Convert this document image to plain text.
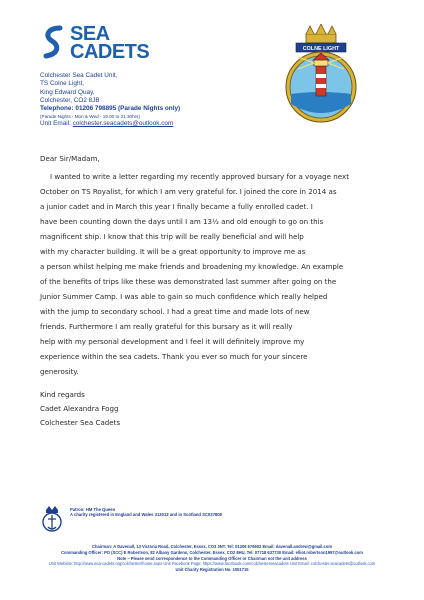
SEA
CADETS	COLNE LIGHT
Colchester Sea Cadet Unit,
TS Colne Light,
King Edward Quay,
Colchester, CO2 8JB
Telephone: 01206 798895 (Parade Nights only)
(Parade Nights - Mon & Wed - 19.00 to 21.30hrs)
Unit Email: colchester.seacadets@outlook.com
Dear Sir/Madam,
I wanted to write a letter regarding my recently approved bursary for a voyage next
October on TS Royalist, for which I am very grateful for. I joined the core in 2014 as
a junior cadet and in March this year I finally became a fully enrolled cadet. I
have been counting down the days until I am 13½ and old enough to go on this
magnificent ship. I know that this trip will be really beneficial and will help
with my character building. It will be a great opportunity to improve me as
a person whilst helping me make friends and broadening my knowledge. An example
of the benefits of trips like these was demonstrated last summer after going on the
Junior Summer Camp. I was able to gain so much confidence which really helped
with the jump to secondary school. I had a great time and made lots of new
friends. Furthermore I am really grateful for this bursary as it will really
help with my personal development and I feel it will definitely improve my
experience within the sea cadets. Thank you ever so much for your sincere
generosity.
Kind regards
Cadet Alexandra Fogg
Colchester Sea Cadets
Patron: HM The Queen
A charity registered in England and Wales 313013 and in Scotland SC037808
Chairman: A Davenall, 13 Victoria Road, Colchester, Essex, CO3 3NT. Tel: 01206 576602 Email: davenall.andrew@gmail.com
Commanding Officer: PO (SCC) E Robertson, 82 Albany Gardens, Colchester, Essex, CO2 8HU. Tel: 07718 637730 Email: elliot.robertson1997@outlook.com
Note – Please send correspondence to the Commanding Officer or Chairman not the unit address
Unit Website: http://www.sea-cadets.org/colchester/home.aspx Unit Facebook Page: https://www.facebook.com/colchesterseacadets Unit Email: colchester.seacadets@outlook.com
Unit Charity Registration No. 1051715
